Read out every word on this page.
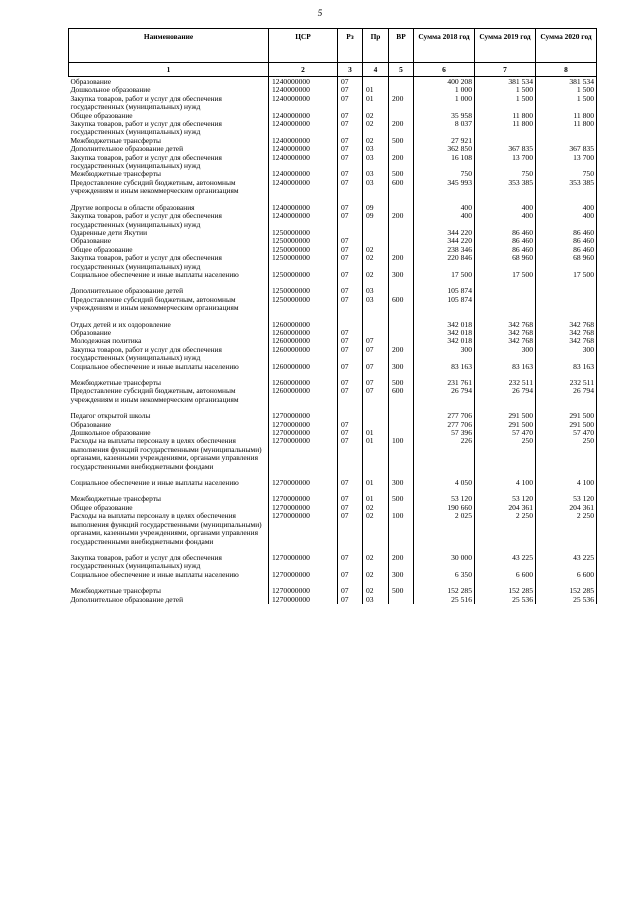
5
Наименование	ЦСР	Рз	Пр	ВР	Сумма 2018 год	Сумма 2019 год	Сумма 2020 год
1	2	3	4	5	6	7	8
Образование	1240000000	07			400 208	381 534	381 534
Дошкольное образование	1240000000	07	01		1 000	1 500	1 500
Закупка товаров, работ и услуг для обеспечения государственных (муниципальных) нужд	1240000000	07	01	200	1 000	1 500	1 500
Общее образование	1240000000	07	02		35 958	11 800	11 800
Закупка товаров, работ и услуг для обеспечения государственных (муниципальных) нужд	1240000000	07	02	200	8 037	11 800	11 800
Межбюджетные трансферты	1240000000	07	02	500	27 921		
Дополнительное образование детей	1240000000	07	03		362 850	367 835	367 835
Закупка товаров, работ и услуг для обеспечения государственных (муниципальных) нужд	1240000000	07	03	200	16 108	13 700	13 700
Межбюджетные трансферты	1240000000	07	03	500	750	750	750
Предоставление субсидий бюджетным, автономным учреждениям и иным некоммерческим организациям	1240000000	07	03	600	345 993	353 385	353 385

Другие вопросы в области образования	1240000000	07	09		400	400	400
Закупка товаров, работ и услуг для обеспечения государственных (муниципальных) нужд	1240000000	07	09	200	400	400	400
Одаренные дети Якутии	1250000000				344 220	86 460	86 460
Образование	1250000000	07			344 220	86 460	86 460
Общее образование	1250000000	07	02		238 346	86 460	86 460
Закупка товаров, работ и услуг для обеспечения государственных (муниципальных) нужд	1250000000	07	02	200	220 846	68 960	68 960
Социальное обеспечение и иные выплаты населению	1250000000	07	02	300	17 500	17 500	17 500

Дополнительное образование детей	1250000000	07	03		105 874		
Предоставление субсидий бюджетным, автономным учреждениям и иным некоммерческим организациям	1250000000	07	03	600	105 874		

Отдых детей и их оздоровление	1260000000				342 018	342 768	342 768
Образование	1260000000	07			342 018	342 768	342 768
Молодежная политика	1260000000	07	07		342 018	342 768	342 768
Закупка товаров, работ и услуг для обеспечения государственных (муниципальных) нужд	1260000000	07	07	200	300	300	300
Социальное обеспечение и иные выплаты населению	1260000000	07	07	300	83 163	83 163	83 163

Межбюджетные трансферты	1260000000	07	07	500	231 761	232 511	232 511
Предоставление субсидий бюджетным, автономным учреждениям и иным некоммерческим организациям	1260000000	07	07	600	26 794	26 794	26 794

Педагог открытой школы	1270000000				277 706	291 500	291 500
Образование	1270000000	07			277 706	291 500	291 500
Дошкольное образование	1270000000	07	01		57 396	57 470	57 470
Расходы на выплаты персоналу в целях обеспечения выполнения функций государственными (муниципальными) органами, казенными учреждениями, органами управления государственными внебюджетными фондами	1270000000	07	01	100	226	250	250

Социальное обеспечение и иные выплаты населению	1270000000	07	01	300	4 050	4 100	4 100

Межбюджетные трансферты	1270000000	07	01	500	53 120	53 120	53 120
Общее образование	1270000000	07	02		190 660	204 361	204 361
Расходы на выплаты персоналу в целях обеспечения выполнения функций государственными (муниципальными) органами, казенными учреждениями, органами управления государственными внебюджетными фондами	1270000000	07	02	100	2 025	2 250	2 250

Закупка товаров, работ и услуг для обеспечения государственных (муниципальных) нужд	1270000000	07	02	200	30 000	43 225	43 225
Социальное обеспечение и иные выплаты населению	1270000000	07	02	300	6 350	6 600	6 600

Межбюджетные трансферты	1270000000	07	02	500	152 285	152 285	152 285
Дополнительное образование детей	1270000000	07	03		25 516	25 536	25 536
